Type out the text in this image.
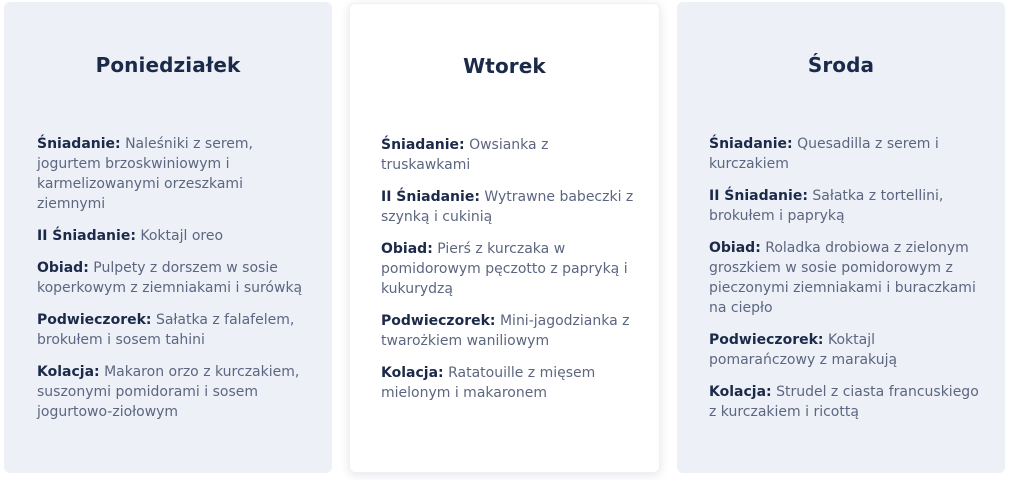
Poniedziałek
Śniadanie: Naleśniki z serem, jogurtem brzoskwiniowym i karmelizowanymi orzeszkami ziemnymi
II Śniadanie: Koktajl oreo
Obiad: Pulpety z dorszem w sosie koperkowym z ziemniakami i surówką
Podwieczorek: Sałatka z falafelem, brokułem i sosem tahini
Kolacja: Makaron orzo z kurczakiem, suszonymi pomidorami i sosem jogurtowo-ziołowym
Wtorek
Śniadanie: Owsianka z truskawkami
II Śniadanie: Wytrawne babeczki z szynką i cukinią
Obiad: Pierś z kurczaka w pomidorowym pęczotto z papryką i kukurydzą
Podwieczorek: Mini-jagodzianka z twarożkiem waniliowym
Kolacja: Ratatouille z mięsem mielonym i makaronem
Środa
Śniadanie: Quesadilla z serem i kurczakiem
II Śniadanie: Sałatka z tortellini, brokułem i papryką
Obiad: Roladka drobiowa z zielonym groszkiem w sosie pomidorowym z pieczonymi ziemniakami i buraczkami na ciepło
Podwieczorek: Koktajl pomarańczowy z marakują
Kolacja: Strudel z ciasta francuskiego z kurczakiem i ricottą
